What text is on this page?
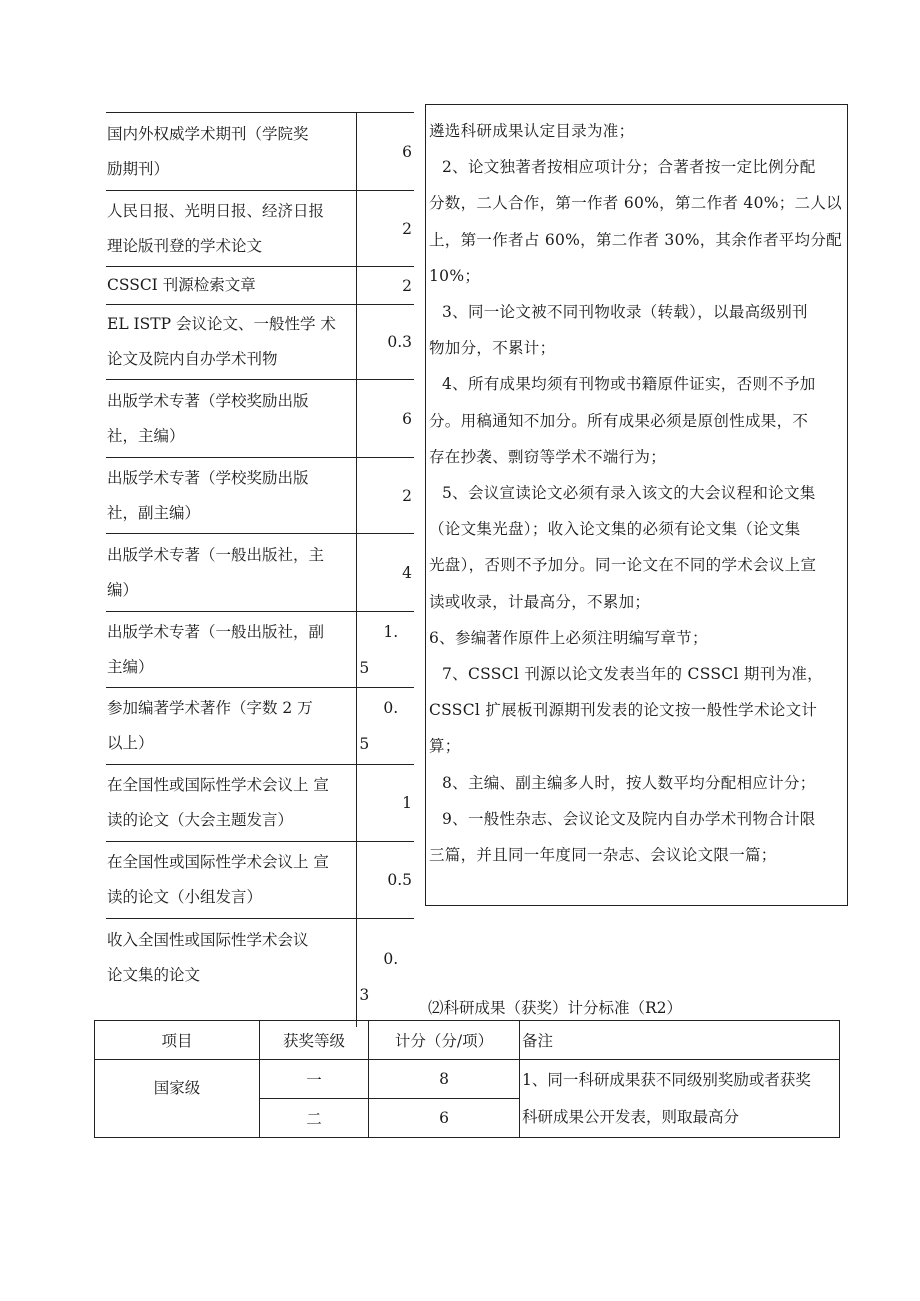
国内外权威学术期刊（学院奖
励期刊）	6
人民日报、光明日报、经济日报
理论版刊登的学术论文	2
CSSCI 刊源检索文章	2
EL ISTP 会议论文、一般性学 术
论文及院内自办学术刊物	0.3
出版学术专著（学校奖励出版
社，主编）	6
出版学术专著（学校奖励出版
社，副主编）	2
出版学术专著（一般出版社，主
编）	4
出版学术专著（一般出版社，副
主编）	1.
5
参加编著学术著作（字数 2 万
以上）	0.
5
在全国性或国际性学术会议上 宣
读的论文（大会主题发言）	1
在全国性或国际性学术会议上 宣
读的论文（小组发言）	0.5
收入全国性或国际性学术会议
论文集的论文	0.
3

遴选科研成果认定目录为准；

2、论文独著者按相应项计分；合著者按一定比例分配

分数，二人合作，第一作者 60%，第二作者 40%；二人以

上，第一作者占 60%，第二作者 30%，其余作者平均分配

10%；

3、同一论文被不同刊物收录（转载），以最高级别刊

物加分，不累计；

4、所有成果均须有刊物或书籍原件证实，否则不予加

分。用稿通知不加分。所有成果必须是原创性成果，不

存在抄袭、剽窃等学术不端行为；

5、会议宣读论文必须有录入该文的大会议程和论文集

（论文集光盘）；收入论文集的必须有论文集（论文集

光盘），否则不予加分。同一论文在不同的学术会议上宣

读或收录，计最高分，不累加；

6、参编著作原件上必须注明编写章节；

7、CSSCl 刊源以论文发表当年的 CSSCl 期刊为准，

CSSCl 扩展板刊源期刊发表的论文按一般性学术论文计

算；

8、主编、副主编多人时，按人数平均分配相应计分；

9、一般性杂志、会议论文及院内自办学术刊物合计限

三篇，并且同一年度同一杂志、会议论文限一篇；

⑵科研成果（获奖）计分标准（R2）
项目	获奖等级	计分（分/项）	备注
国家级	一	8	1、同一科研成果获不同级别奖励或者获奖
科研成果公开发表，则取最高分
	二	6	
